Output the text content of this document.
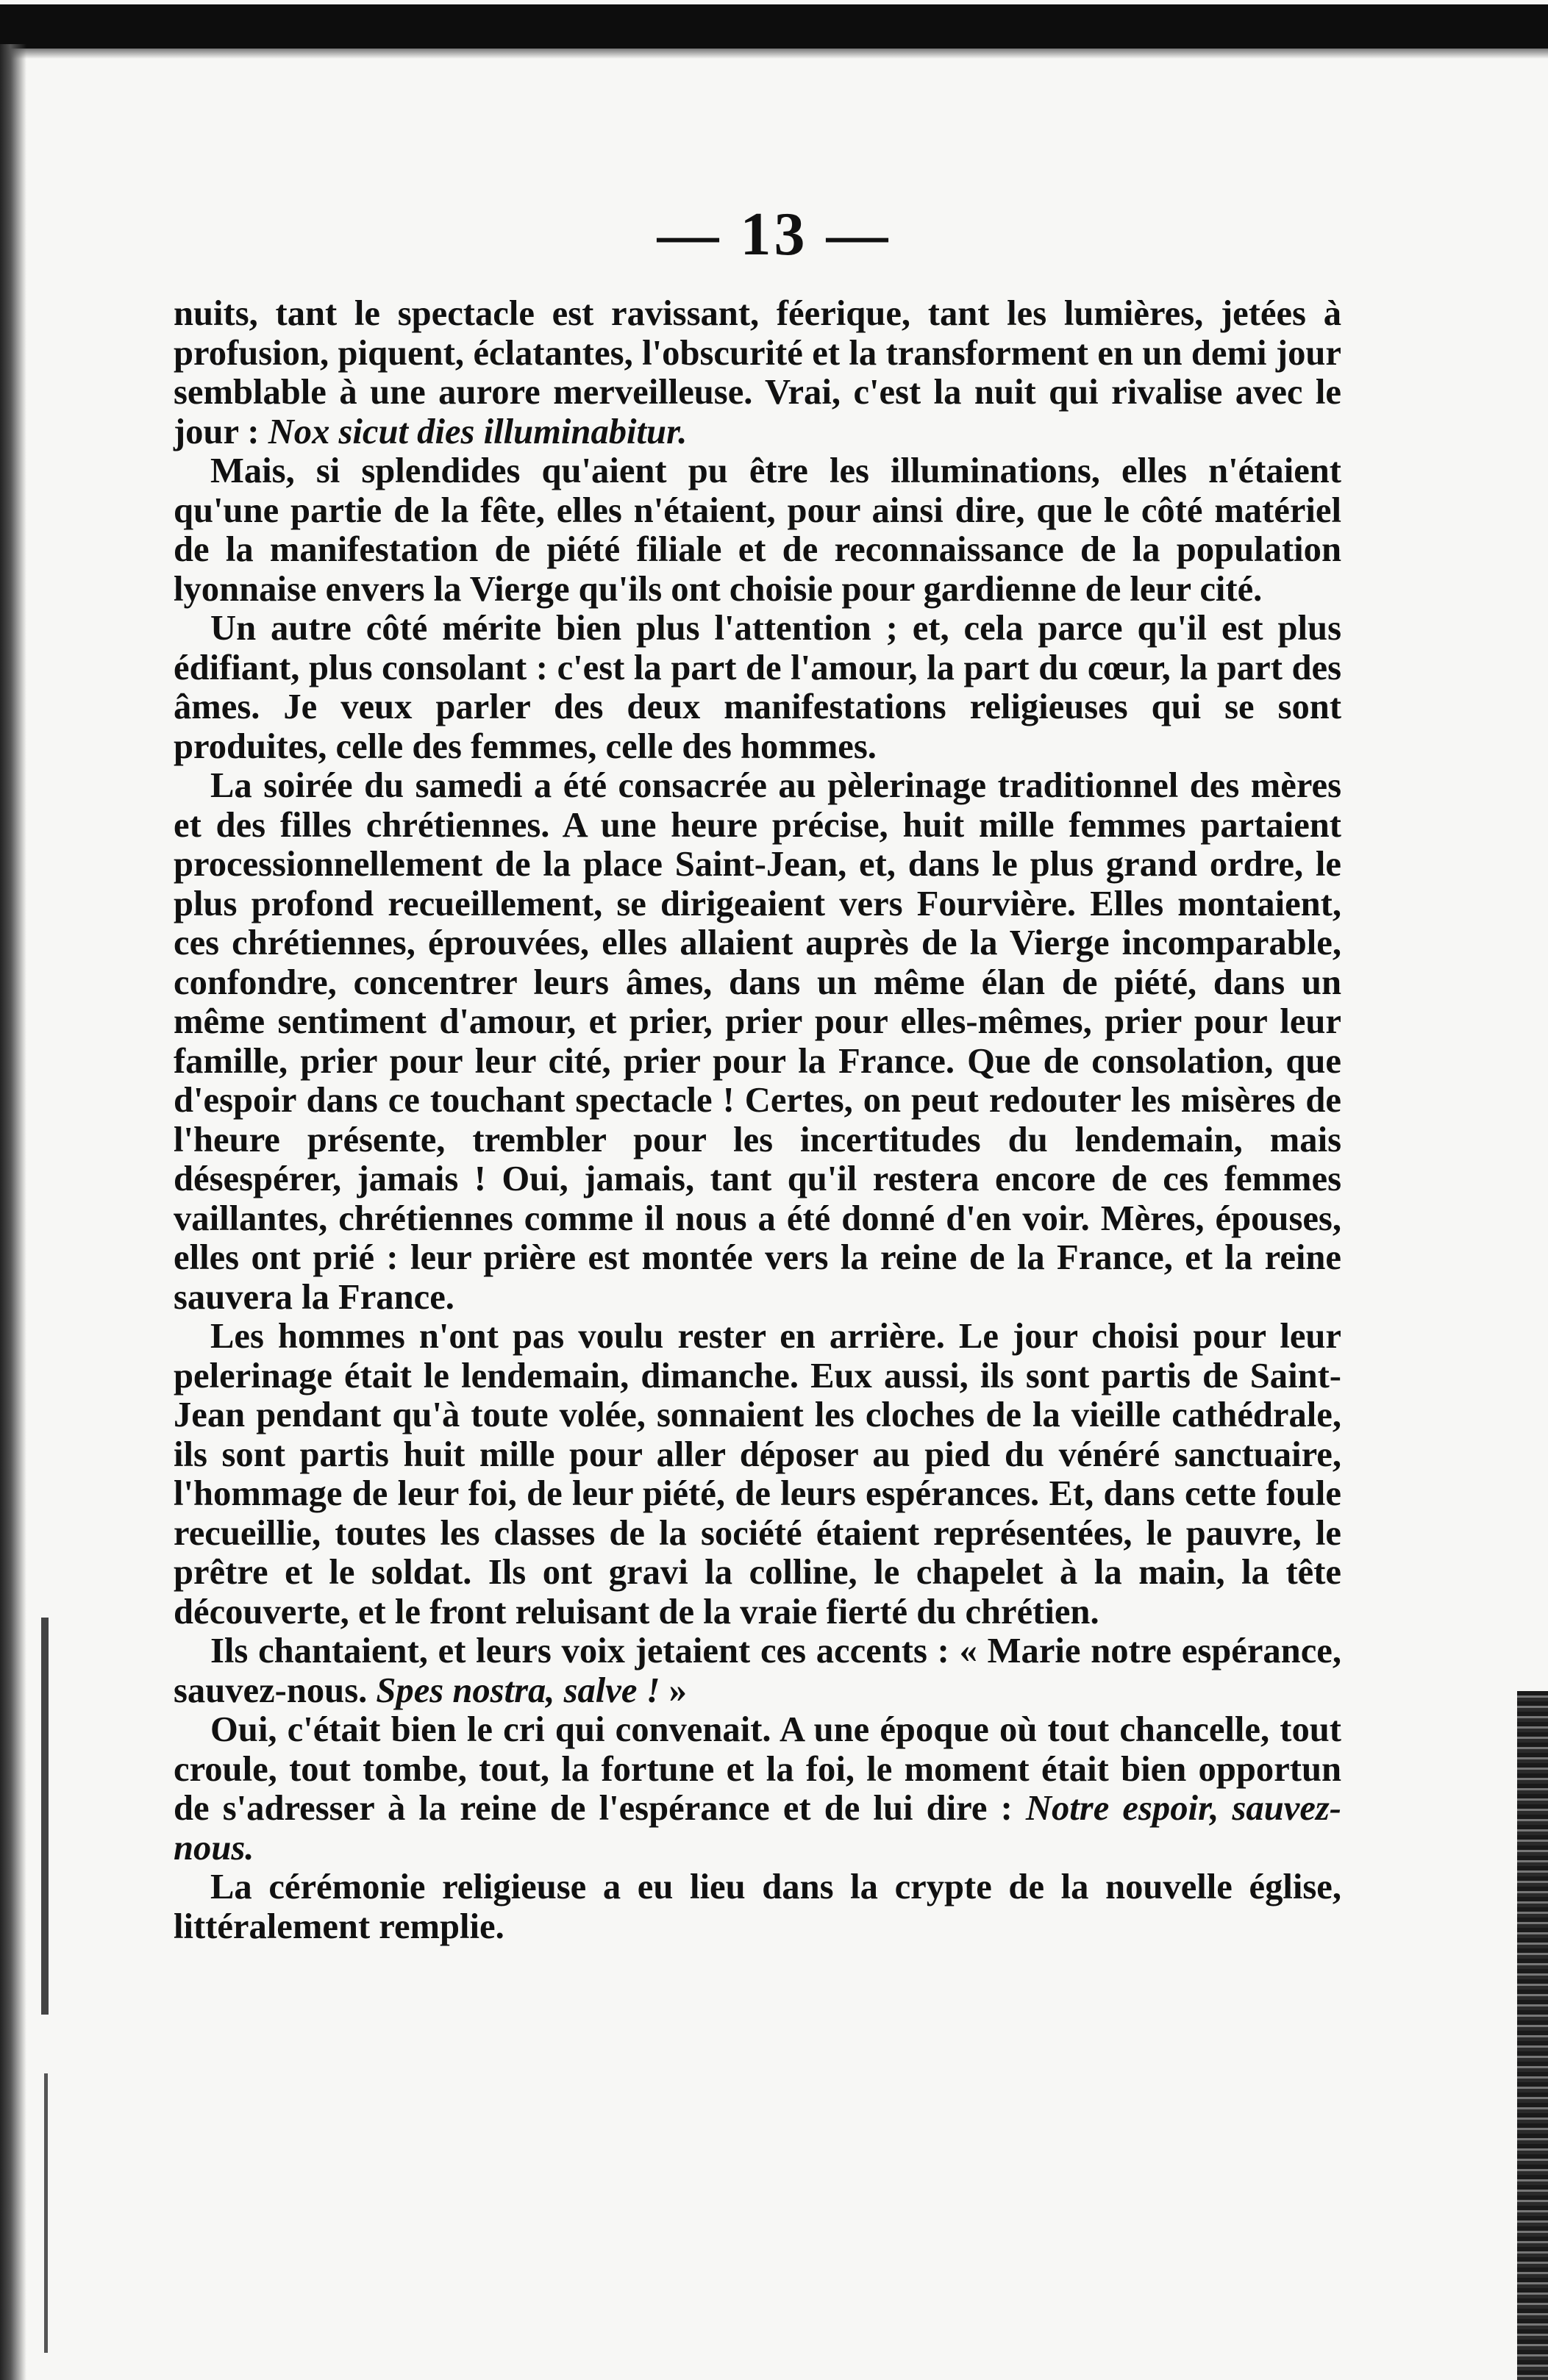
— 13 —

nuits, tant le spectacle est ravissant, féerique, tant les lumières, jetées à profusion, piquent, éclatantes, l'obscurité et la transforment en un demi jour semblable à une aurore merveilleuse. Vrai, c'est la nuit qui rivalise avec le jour : Nox sicut dies illuminabitur.

Mais, si splendides qu'aient pu être les illuminations, elles n'étaient qu'une partie de la fête, elles n'étaient, pour ainsi dire, que le côté matériel de la manifestation de piété filiale et de reconnaissance de la population lyonnaise envers la Vierge qu'ils ont choisie pour gardienne de leur cité.

Un autre côté mérite bien plus l'attention ; et, cela parce qu'il est plus édifiant, plus consolant : c'est la part de l'amour, la part du cœur, la part des âmes. Je veux parler des deux manifestations religieuses qui se sont produites, celle des femmes, celle des hommes.

La soirée du samedi a été consacrée au pèlerinage traditionnel des mères et des filles chrétiennes. A une heure précise, huit mille femmes partaient processionnellement de la place Saint-Jean, et, dans le plus grand ordre, le plus profond recueillement, se dirigeaient vers Fourvière. Elles montaient, ces chrétiennes, éprouvées, elles allaient auprès de la Vierge incomparable, confondre, concentrer leurs âmes, dans un même élan de piété, dans un même sentiment d'amour, et prier, prier pour elles-mêmes, prier pour leur famille, prier pour leur cité, prier pour la France. Que de consolation, que d'espoir dans ce touchant spectacle ! Certes, on peut redouter les misères de l'heure présente, trembler pour les incertitudes du lendemain, mais désespérer, jamais ! Oui, jamais, tant qu'il restera encore de ces femmes vaillantes, chrétiennes comme il nous a été donné d'en voir. Mères, épouses, elles ont prié : leur prière est montée vers la reine de la France, et la reine sauvera la France.

Les hommes n'ont pas voulu rester en arrière. Le jour choisi pour leur pelerinage était le lendemain, dimanche. Eux aussi, ils sont partis de Saint-Jean pendant qu'à toute volée, sonnaient les cloches de la vieille cathédrale, ils sont partis huit mille pour aller déposer au pied du vénéré sanctuaire, l'hommage de leur foi, de leur piété, de leurs espérances. Et, dans cette foule recueillie, toutes les classes de la société étaient représentées, le pauvre, le prêtre et le soldat. Ils ont gravi la colline, le chapelet à la main, la tête découverte, et le front reluisant de la vraie fierté du chrétien.

Ils chantaient, et leurs voix jetaient ces accents : « Marie notre espérance, sauvez-nous. Spes nostra, salve ! »

Oui, c'était bien le cri qui convenait. A une époque où tout chancelle, tout croule, tout tombe, tout, la fortune et la foi, le moment était bien opportun de s'adresser à la reine de l'espérance et de lui dire : Notre espoir, sauvez-nous.

La cérémonie religieuse a eu lieu dans la crypte de la nouvelle église, littéralement remplie.
